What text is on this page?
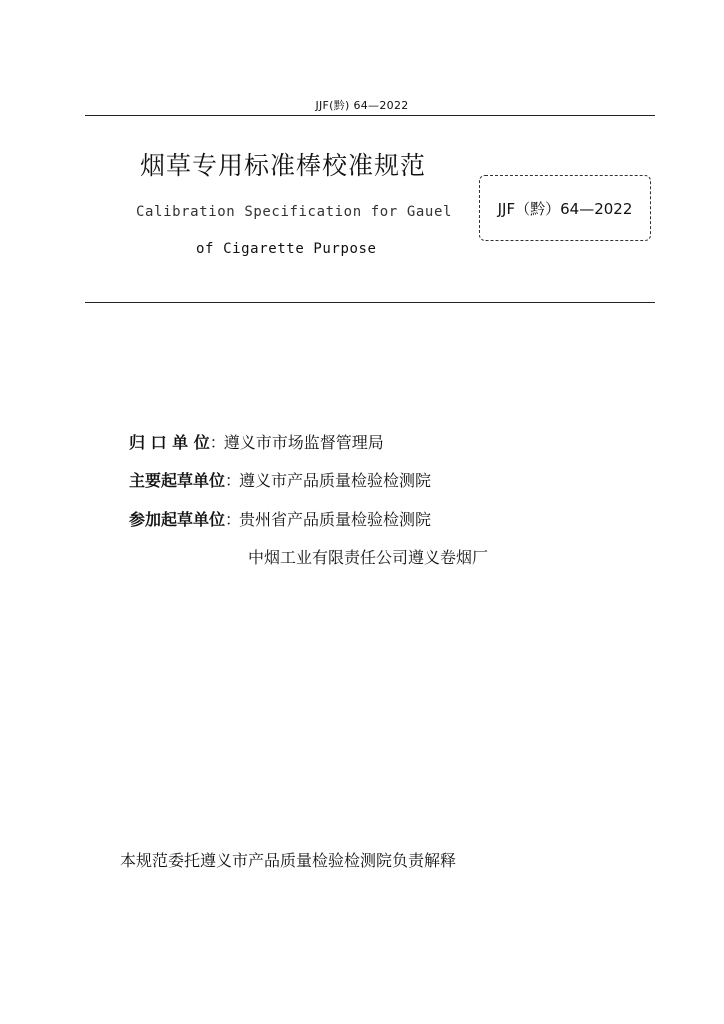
JJF(黔) 64—2022
烟草专用标准棒校准规范
Calibration Specification for Gauel
of Cigarette Purpose
JJF（黔）64—2022
归 口 单 位 ：
遵义市市场监督管理局
主要起草单位 ：
遵义市产品质量检验检测院
参加起草单位 ：
贵州省产品质量检验检测院
中烟工业有限责任公司遵义卷烟厂
本规范委托遵义市产品质量检验检测院负责解释
